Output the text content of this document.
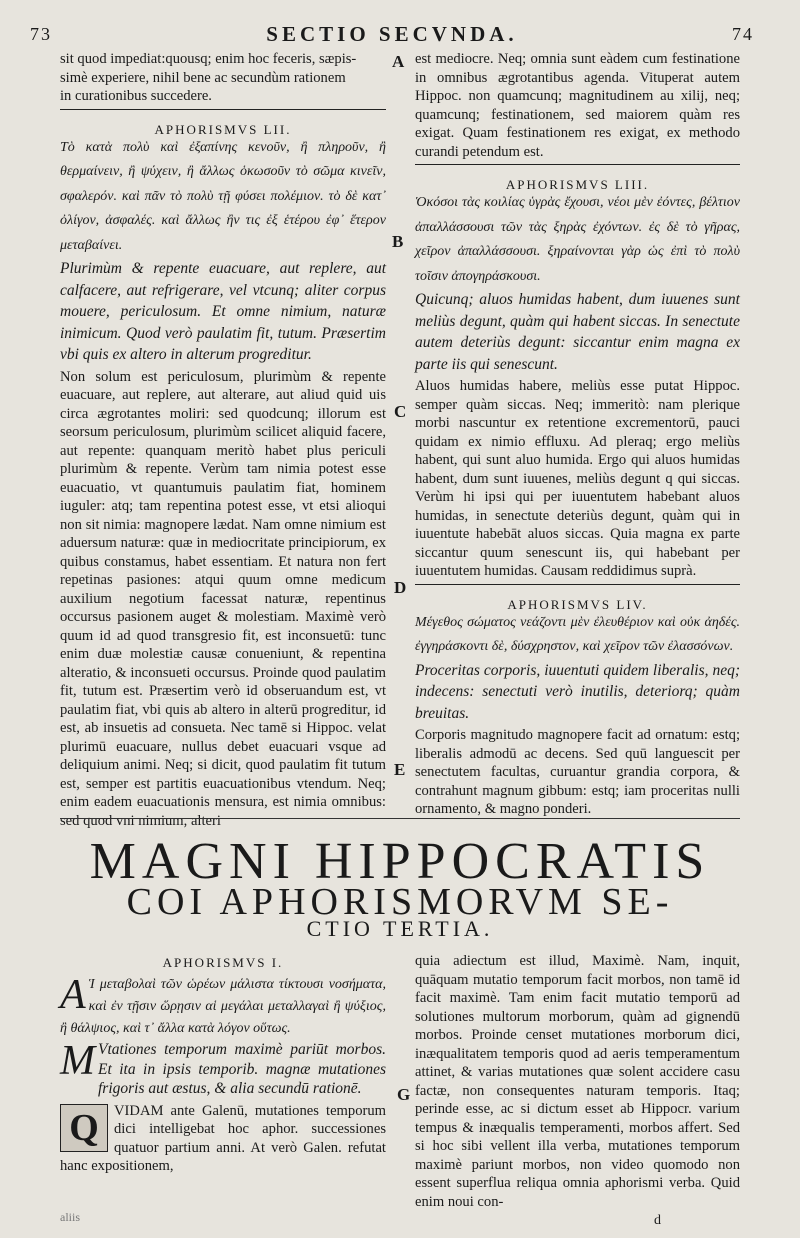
73	SECTIO SECVNDA.	74
A
B
C
D
E
G

sit quod impediat:quousq; enim hoc feceris, sæpis-

simè experiere, nihil bene ac secundùm rationem

in curationibus succedere.

APHORISMVS LII.

Τὸ κατὰ πολὺ καὶ ἐξαπίνης κενοῦν, ἢ πληροῦν, ἢ θερμαίνειν, ἢ ψύχειν, ἢ ἄλλως ὁκωσοῦν τὸ σῶμα κινεῖν, σφαλερόν. καὶ πᾶν τὸ πολὺ τῇ φύσει πολέμιον. τὸ δὲ κατ᾽ ὀλίγον, ἀσφαλές. καὶ ἄλλως ἢν τις ἐξ ἑτέρου ἐφ᾽ ἕτερον μεταβαίνει.

Plurimùm & repente euacuare, aut replere, aut calfacere, aut refrigerare, vel vtcunq; aliter corpus mouere, periculosum. Et omne nimium, naturæ inimicum. Quod verò paulatim fit, tutum. Præsertim vbi quis ex altero in alterum progreditur.

Non solum est periculosum, plurimùm & repente euacuare, aut replere, aut alterare, aut aliud quid uis circa ægrotantes moliri: sed quodcunq; illorum est seorsum periculosum, plurimùm scilicet aliquid facere, aut repente: quanquam meritò habet plus periculi plurimùm & repente. Verùm tam nimia potest esse euacuatio, vt quantumuis paulatim fiat, hominem iuguler: atq; tam repentina potest esse, vt etsi alioqui non sit nimia: magnopere lædat. Nam omne nimium est aduersum naturæ: quæ in mediocritate principiorum, ex quibus constamus, habet essentiam. Et natura non fert repetinas pasiones: atqui quum omne medicum auxilium negotium facessat naturæ, repentinus occursus pasionem auget & molestiam. Maximè verò quum id ad quod transgresio fit, est inconsuetū: tunc enim duæ molestiæ causæ conueniunt, & repentina alteratio, & inconsueti occursus. Proinde quod paulatim fit, tutum est. Præsertim verò id obseruandum est, vt paulatim fiat, vbi quis ab altero in alterū progreditur, id est, ab insuetis ad consueta. Nec tamē si Hippoc. velat plurimū euacuare, nullus debet euacuari vsque ad deliquium animi. Neq; si dicit, quod paulatim fit tutum est, semper est partitis euacuationibus vtendum. Neq; enim eadem euacuationis mensura, est nimia omnibus: sed quod vni nimium, alteri

est mediocre. Neq; omnia sunt eàdem cum festinatione in omnibus ægrotantibus agenda. Vituperat autem Hippoc. non quamcunq; magnitudinem au xilij, neq; quamcunq; festinationem, sed maiorem quàm res exigat. Quam festinationem res exigat, ex methodo curandi petendum est.

APHORISMVS LIII.

Ὁκόσοι τὰς κοιλίας ὑγρὰς ἔχουσι, νέοι μὲν ἐόντες, βέλτιον ἀπαλλάσσουσι τῶν τὰς ξηρὰς ἐχόντων. ἐς δὲ τὸ γῆρας, χεῖρον ἀπαλλάσσουσι. ξηραίνονται γὰρ ὡς ἐπὶ τὸ πολὺ τοῖσιν ἀπογηράσκουσι.

Quicunq; aluos humidas habent, dum iuuenes sunt meliùs degunt, quàm qui habent siccas. In senectute autem deteriùs degunt: siccantur enim magna ex parte iis qui senescunt.

Aluos humidas habere, meliùs esse putat Hippoc. semper quàm siccas. Neq; immeritò: nam plerique morbi nascuntur ex retentione excrementorū, pauci quidam ex nimio effluxu. Ad pleraq; ergo meliùs habent, qui sunt aluo humida. Ergo qui aluos humidas habent, dum sunt iuuenes, meliùs degunt q qui siccas. Verùm hi ipsi qui per iuuentutem habebant aluos humidas, in senectute deteriùs degunt, quàm qui in iuuentute habebāt aluos siccas. Quia magna ex parte siccantur quum senescunt iis, qui habebant per iuuentutem humidas. Causam reddidimus suprà.

APHORISMVS LIV.

Μέγεθος σώματος νεάζοντι μὲν ἐλευθέριον καὶ οὐκ ἀηδές. ἐγγηράσκοντι δὲ, δύσχρηστον, καὶ χεῖρον τῶν ἐλασσόνων.

Proceritas corporis, iuuentuti quidem liberalis, neq; indecens: senectuti verò inutilis, deteriorq; quàm breuitas.

Corporis magnitudo magnopere facit ad ornatum: estq; liberalis admodū ac decens. Sed quū languescit per senectutem facultas, curuantur grandia corpora, & contrahunt magnum gibbum: estq; iam proceritas nulli ornamento, & magno ponderi.

MAGNI HIPPOCRATIS
COI APHORISMORVM SE-
CTIO TERTIA.
APHORISMVS I.

Α Ἱ μεταβολαὶ τῶν ὡρέων μάλιστα τίκτουσι νοσήματα, καὶ ἐν τῇσιν ὥρῃσιν αἱ μεγάλαι μεταλλαγαὶ ἢ ψύξιος, ἢ θάλψιος, καὶ τ᾽ ἄλλα κατὰ λόγον οὕτως.

M Vtationes temporum maximè pariūt morbos. Et ita in ipsis temporib. magnæ mutationes frigoris aut æstus, & alia secundū rationē.

Q	VIDAM ante Galenū, mutationes temporum dici intelligebat hoc aphor. successiones quatuor partium anni. At verò Galen. refutat hanc expositionem,

quia adiectum est illud, Maximè. Nam, inquit, quāquam mutatio temporum facit morbos, non tamē id facit maximè. Tam enim facit mutatio temporū ad solutiones multorum morborum, quàm ad gignendū morbos. Proinde censet mutationes morborum dici, inæqualitatem temporis quod ad aeris temperamentum attinet, & varias mutationes quæ solent accidere casu factæ, non consequentes naturam temporis. Itaq; perinde esse, ac si dictum esset ab Hippocr. varium tempus & inæqualis temperamenti, morbos affert. Sed si hoc sibi vellent illa verba, mutationes temporum maximè pariunt morbos, non video quomodo non essent superflua reliqua omnia aphorismi verba. Quid enim noui con-

d
aliis
